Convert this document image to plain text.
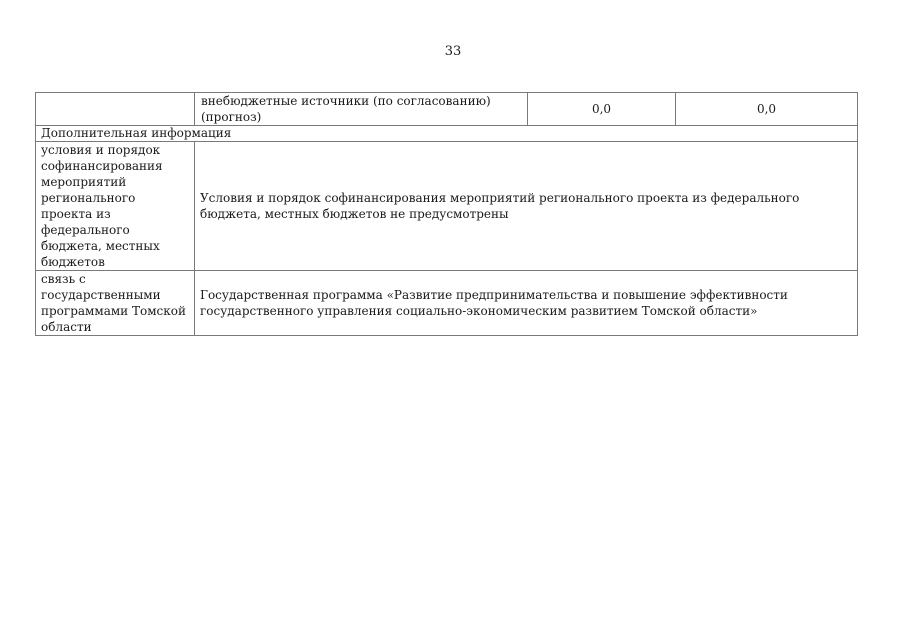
33
	внебюджетные источники (по согласованию) (прогноз)	0,0	0,0
Дополнительная информация			
условия и порядок софинансирования мероприятий регионального проекта из федерального бюджета, местных бюджетов	Условия и порядок софинансирования мероприятий регионального проекта из федерального бюджета, местных бюджетов не предусмотрены		
связь с государственными программами Томской области	Государственная программа «Развитие предпринимательства и повышение эффективности государственного управления социально-экономическим развитием Томской области»		
